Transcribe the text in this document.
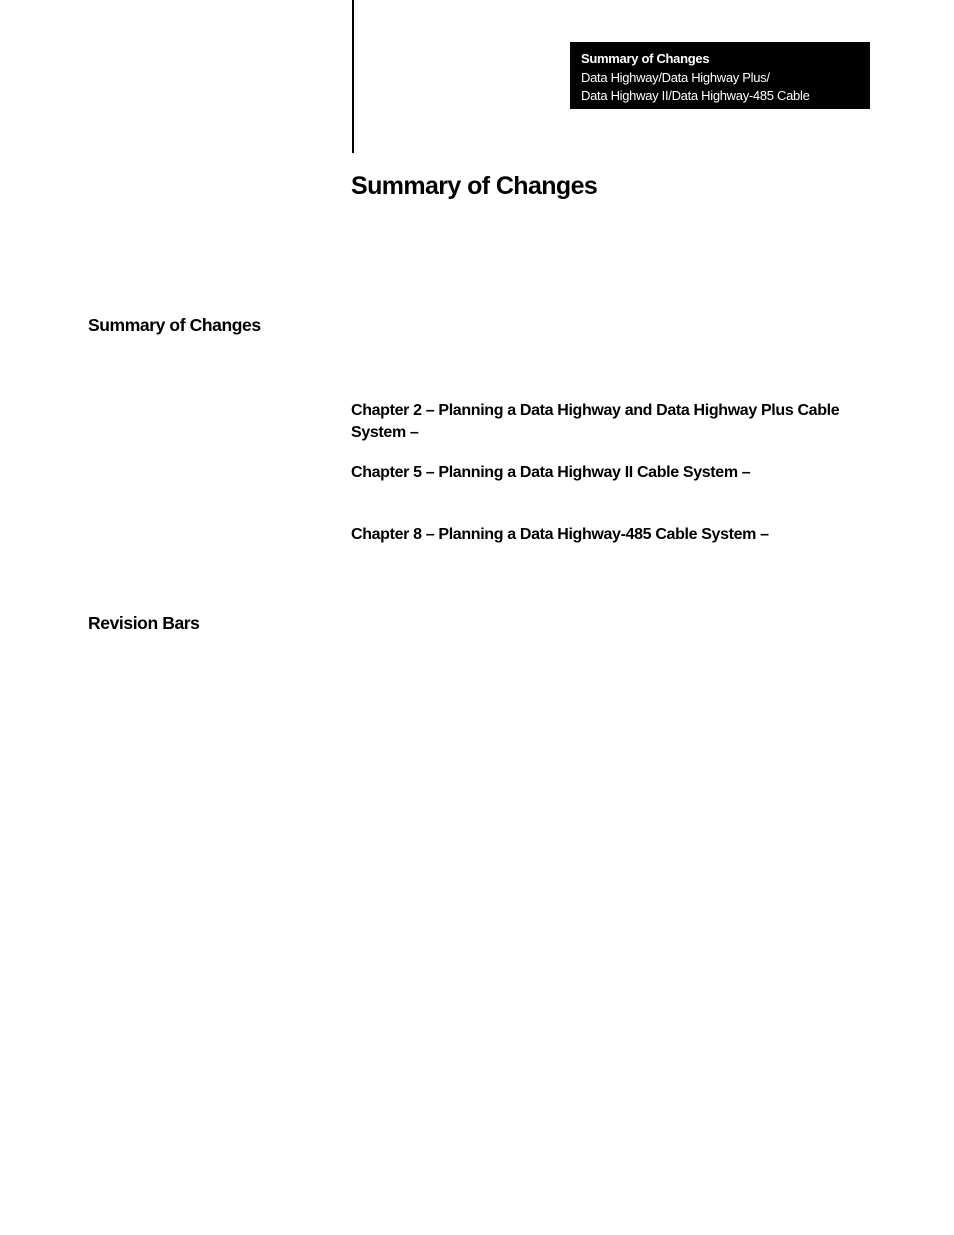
Summary of Changes
Data Highway/Data Highway Plus/
Data Highway II/Data Highway-485 Cable
Summary of Changes
Summary of Changes

Chapter 2 – Planning a Data Highway and Data Highway Plus Cable System –

Chapter 5 – Planning a Data Highway II Cable System –

Chapter 8 – Planning a Data Highway-485 Cable System –

Revision Bars
